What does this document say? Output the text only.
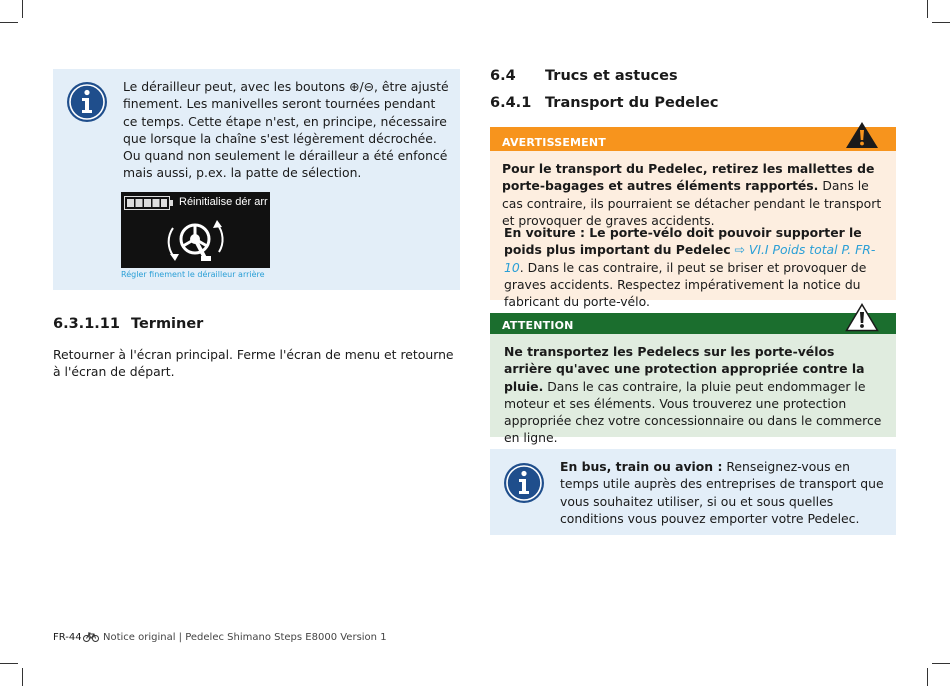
Le dérailleur peut, avec les boutons ⊕/⊖, être ajusté finement. Les manivelles seront tournées pendant ce temps. Cette étape n'est, en principe, nécessaire que lorsque la chaîne s'est légèrement décrochée. Ou quand non seulement le dérailleur a été enfoncé mais aussi, p.ex. la patte de sélection.
Réinitialise dér arr
Régler finement le dérailleur arrière
6.3.1.11 Terminer
Retourner à l'écran principal. Ferme l'écran de menu et retourne à l'écran de départ.
6.4 Trucs et astuces
6.4.1 Transport du Pedelec
AVERTISSEMENT
Pour le transport du Pedelec, retirez les mallettes de porte-bagages et autres éléments rapportés. Dans le cas contraire, ils pourraient se détacher pendant le transport et provoquer de graves accidents.
En voiture : Le porte-vélo doit pouvoir supporter le poids plus important du Pedelec ⇨ VI.I Poids total P. FR-10. Dans le cas contraire, il peut se briser et provoquer de graves accidents. Respectez impérativement la notice du fabricant du porte-vélo.
ATTENTION
Ne transportez les Pedelecs sur les porte-vélos arrière qu'avec une protection appropriée contre la pluie. Dans le cas contraire, la pluie peut endommager le moteur et ses éléments. Vous trouverez une protection appropriée chez votre concessionnaire ou dans le commerce en ligne.
En bus, train ou avion : Renseignez-vous en temps utile auprès des entreprises de transport que vous souhaitez utiliser, si ou et sous quelles conditions vous pouvez emporter votre Pedelec.
FR-44 Notice original | Pedelec Shimano Steps E8000 Version 1
